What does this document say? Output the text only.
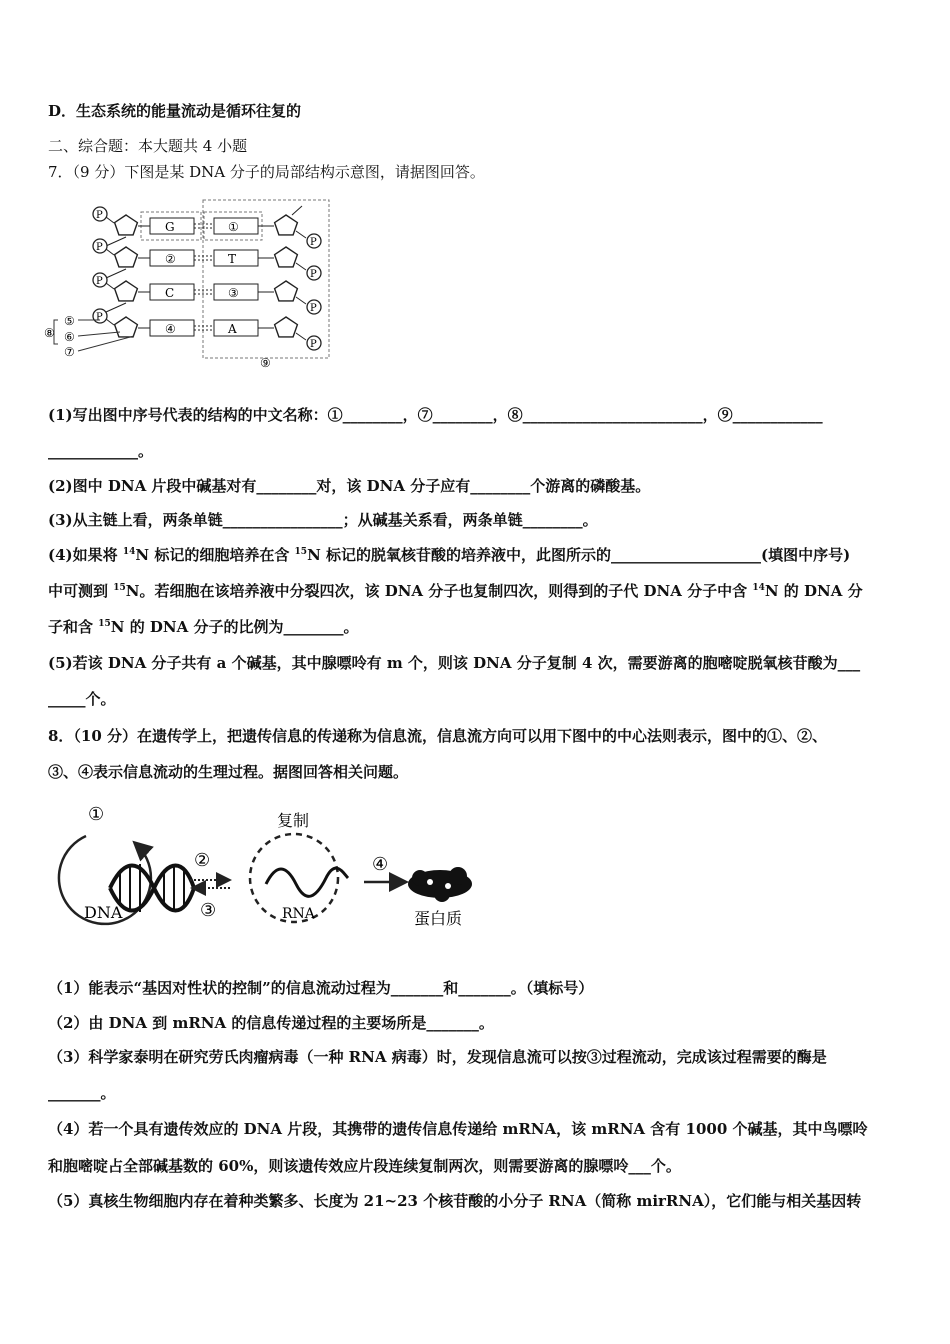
D．生态系统的能量流动是循环往复的
二、综合题：本大题共 4 小题
7．（9 分）下图是某 DNA 分子的局部结构示意图，请据图回答。
P
G	①
P
P
②	T
P
P
C	③
P
P
④	A
P
⑧
⑤
⑥
⑦
⑨
(1)写出图中序号代表的结构的中文名称：①________，⑦________，⑧________________________，⑨____________
____________。
(2)图中 DNA 片段中碱基对有________对，该 DNA 分子应有________个游离的磷酸基。
(3)从主链上看，两条单链________________；从碱基关系看，两条单链________。
(4)如果将 $^{14}$N 标记的细胞培养在含 $^{15}$N 标记的脱氧核苷酸的培养液中，此图所示的____________________(填图中序号)
中可测到 $^{15}$N。若细胞在该培养液中分裂四次，该 DNA 分子也复制四次，则得到的子代 DNA 分子中含 $^{14}$N 的 DNA 分
子和含 $^{15}$N 的 DNA 分子的比例为________。
(5)若该 DNA 分子共有 a 个碱基，其中腺嘌呤有 m 个，则该 DNA 分子复制 4 次，需要游离的胞嘧啶脱氧核苷酸为___
_____个。
8．（10 分）在遗传学上，把遗传信息的传递称为信息流，信息流方向可以用下图中的中心法则表示，图中的①、②、
③、④表示信息流动的生理过程。据图回答相关问题。
①
DNA
②
③
复制
RNA
④
蛋白质
（1）能表示“基因对性状的控制”的信息流动过程为_______和_______。（填标号）
（2）由 DNA 到 mRNA 的信息传递过程的主要场所是_______。
（3）科学家泰明在研究劳氏肉瘤病毒（一种 RNA 病毒）时，发现信息流可以按③过程流动，完成该过程需要的酶是
_______。
（4）若一个具有遗传效应的 DNA 片段，其携带的遗传信息传递给 mRNA，该 mRNA 含有 1000 个碱基，其中鸟嘌呤
和胞嘧啶占全部碱基数的 60%，则该遗传效应片段连续复制两次，则需要游离的腺嘌呤___个。
（5）真核生物细胞内存在着种类繁多、长度为 21~23 个核苷酸的小分子 RNA（简称 mirRNA），它们能与相关基因转
